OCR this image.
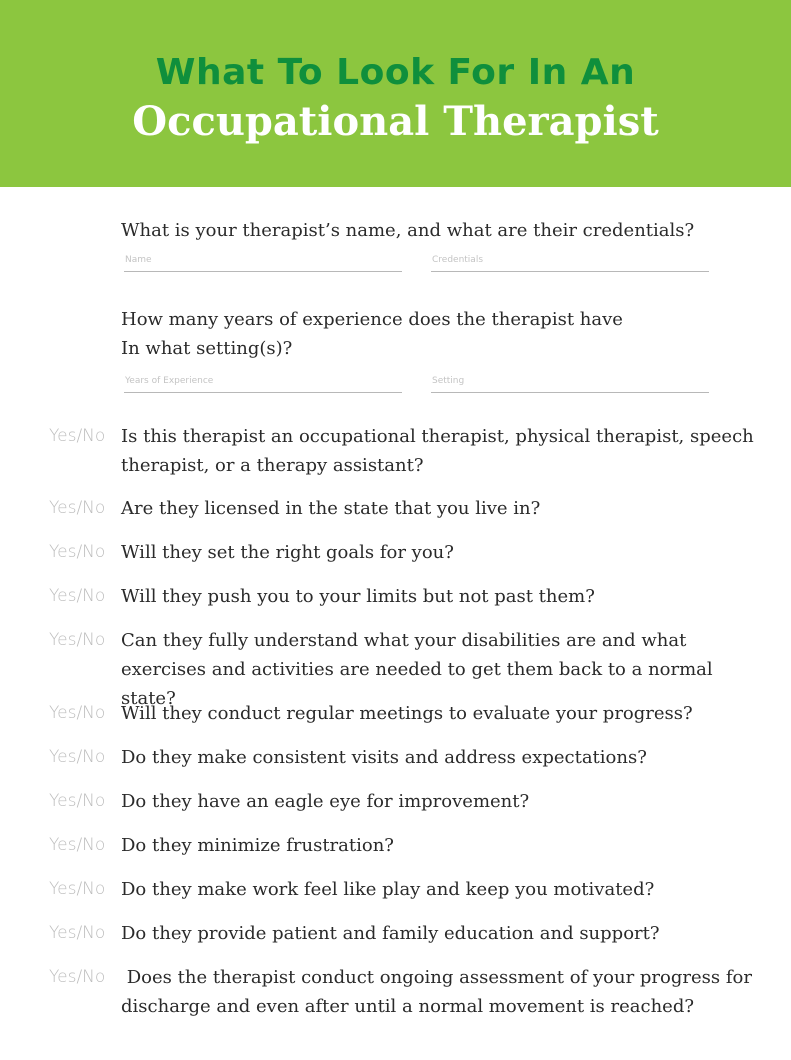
What To Look For In An
Occupational Therapist
What is your therapist’s name, and what are their credentials?
Name	Credentials
How many years of experience does the therapist have
In what setting(s)?
Years of Experience	Setting
Yes/No Is this therapist an occupational therapist, physical therapist, speech therapist, or a therapy assistant?
Yes/No Are they licensed in the state that you live in?
Yes/No Will they set the right goals for you?
Yes/No Will they push you to your limits but not past them?
Yes/No Can they fully understand what your disabilities are and what exercises and activities are needed to get them back to a normal state?
Yes/No Will they conduct regular meetings to evaluate your progress?
Yes/No Do they make consistent visits and address expectations?
Yes/No Do they have an eagle eye for improvement?
Yes/No Do they minimize frustration?
Yes/No Do they make work feel like play and keep you motivated?
Yes/No Do they provide patient and family education and support?
Yes/No Does the therapist conduct ongoing assessment of your progress for discharge and even after until a normal movement is reached?
